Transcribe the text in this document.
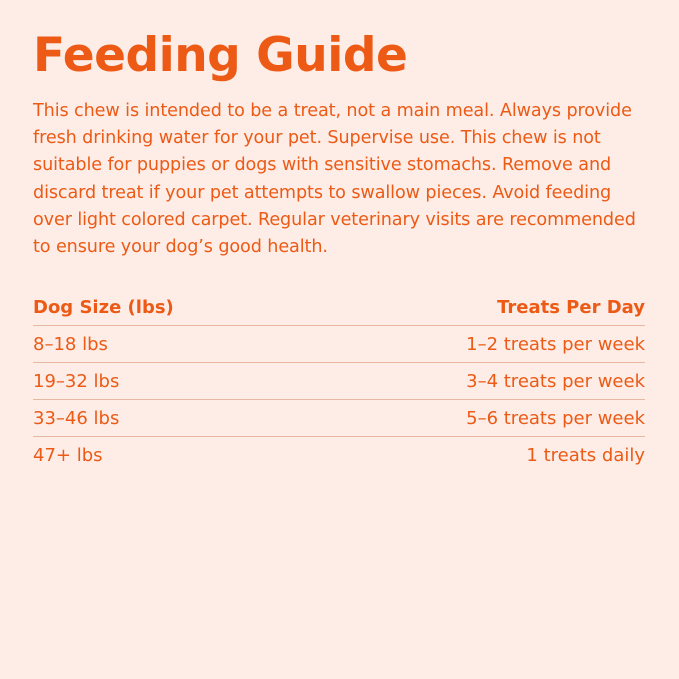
Feeding Guide

This chew is intended to be a treat, not a main meal. Always provide fresh drinking water for your pet. Supervise use. This chew is not suitable for puppies or dogs with sensitive stomachs. Remove and discard treat if your pet attempts to swallow pieces. Avoid feeding over light colored carpet. Regular veterinary visits are recommended to ensure your dog’s good health.

Dog Size (lbs)	Treats Per Day
8–18 lbs	1–2 treats per week
19–32 lbs	3–4 treats per week
33–46 lbs	5–6 treats per week
47+ lbs	1 treats daily
